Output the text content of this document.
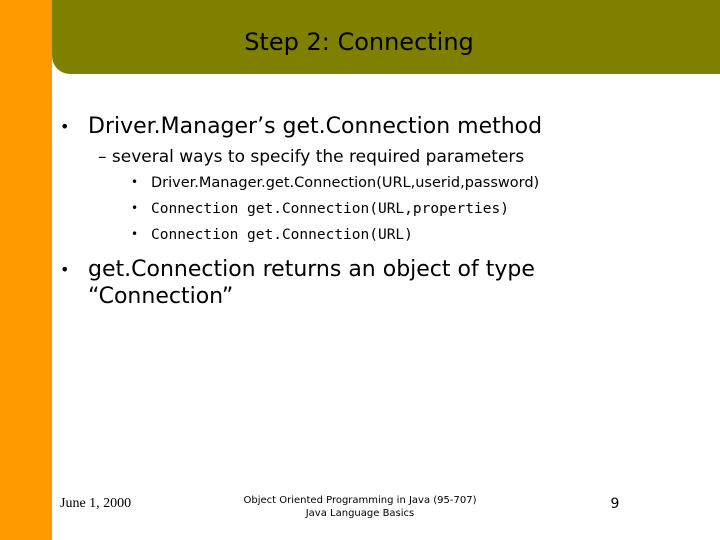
Step 2: Connecting
• Driver.Manager’s get.Connection method
– several ways to specify the required parameters
• Driver.Manager.get.Connection(URL,userid,password)
• Connection get.Connection(URL,properties)
• Connection get.Connection(URL)
• get.Connection returns an object of type “Connection”
June 1, 2000	Object Oriented Programming in Java (95-707)
Java Language Basics
9
